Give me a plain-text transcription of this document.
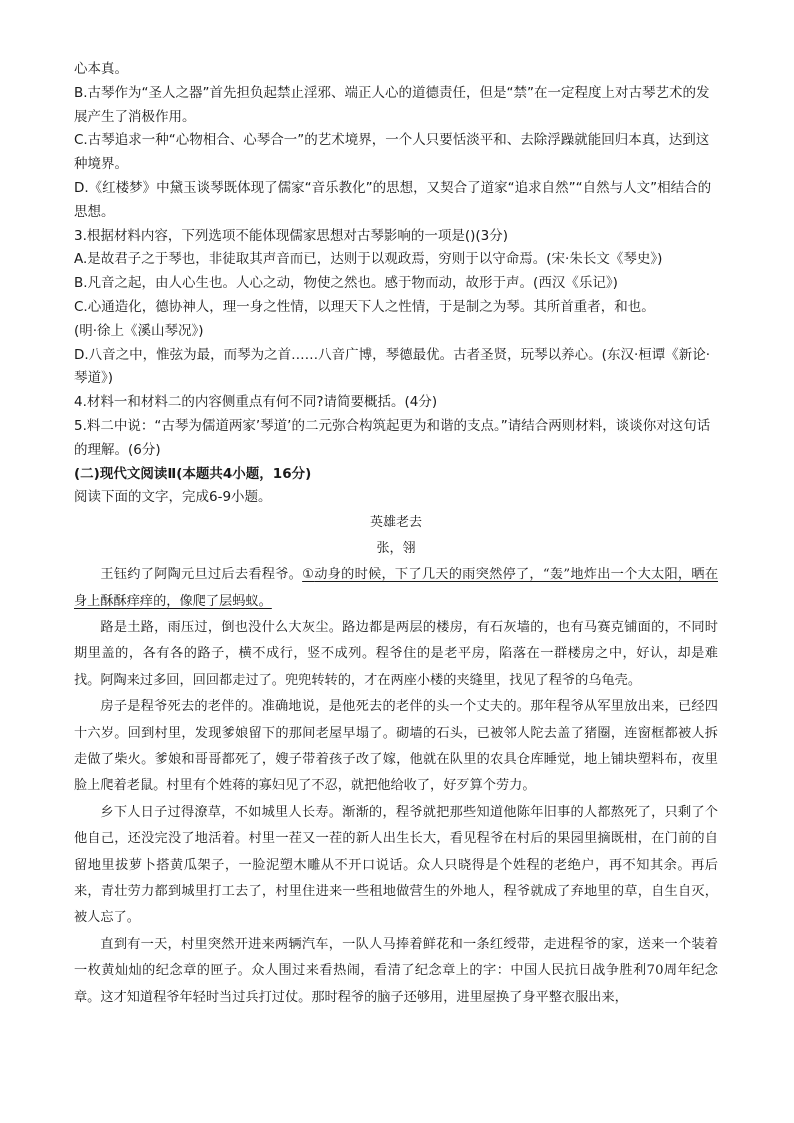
心本真。

B.古琴作为“圣人之器”首先担负起禁止淫邪、端正人心的道德责任，但是“禁”在一定程度上对古琴艺术的发展产生了消极作用。

C.古琴追求一种“心物相合、心琴合一”的艺术境界，一个人只要恬淡平和、去除浮躁就能回归本真，达到这种境界。

D.《红楼梦》中黛玉谈琴既体现了儒家“音乐教化”的思想，又契合了道家“追求自然”“自然与人文”相结合的思想。

3.根据材料内容，下列选项不能体现儒家思想对古琴影响的一项是()(3分)

A.是故君子之于琴也，非徒取其声音而已，达则于以观政焉，穷则于以守命焉。(宋·朱长文《琴史》)

B.凡音之起，由人心生也。人心之动，物使之然也。感于物而动，故形于声。(西汉《乐记》)

C.心通造化，德协神人，理一身之性情，以理天下人之性情，于是制之为琴。其所首重者，和也。

(明·徐上《溪山琴况》)

D.八音之中，惟弦为最，而琴为之首……八音广博，琴德最优。古者圣贤，玩琴以养心。(东汉·桓谭《新论·琴道》)

4.材料一和材料二的内容侧重点有何不同?请简要概括。(4分)

5.料二中说：“古琴为儒道两家’琴道’的二元弥合构筑起更为和谐的支点。”请结合两则材料，谈谈你对这句话的理解。(6分)

(二)现代文阅读Ⅱ(本题共4小题，16分)

阅读下面的文字，完成6-9小题。

英雄老去

张，翎

王钰约了阿陶元旦过后去看程爷。①动身的时候，下了几天的雨突然停了，“轰”地炸出一个大太阳，晒在身上酥酥痒痒的，像爬了层蚂蚁。

路是土路，雨压过，倒也没什么大灰尘。路边都是两层的楼房，有石灰墙的，也有马赛克铺面的，不同时期里盖的，各有各的路子，横不成行，竖不成列。程爷住的是老平房，陷落在一群楼房之中，好认，却是难找。阿陶来过多回，回回都走过了。兜兜转转的，才在两座小楼的夹缝里，找见了程爷的乌龟壳。

房子是程爷死去的老伴的。准确地说，是他死去的老伴的头一个丈夫的。那年程爷从军里放出来，已经四十六岁。回到村里，发现爹娘留下的那间老屋早塌了。砌墙的石头，已被邻人陀去盖了猪圈，连窗框都被人拆走做了柴火。爹娘和哥哥都死了，嫂子带着孩子改了嫁，他就在队里的农具仓库睡觉，地上铺块塑料布，夜里脸上爬着老鼠。村里有个姓蒋的寡妇见了不忍，就把他给收了，好歹算个劳力。

乡下人日子过得潦草，不如城里人长寿。渐渐的，程爷就把那些知道他陈年旧事的人都熬死了，只剩了个他自己，还没完没了地活着。村里一茬又一茬的新人出生长大，看见程爷在村后的果园里摘既柑，在门前的自留地里拔萝卜搭黄瓜架子，一脸泥塑木雕从不开口说话。众人只晓得是个姓程的老绝户，再不知其余。再后来，青壮劳力都到城里打工去了，村里住进来一些租地做营生的外地人，程爷就成了弃地里的草，自生自灭，被人忘了。

直到有一天，村里突然开进来两辆汽车，一队人马捧着鲜花和一条红绶带，走进程爷的家，送来一个装着一枚黄灿灿的纪念章的匣子。众人围过来看热闹，看清了纪念章上的字：中国人民抗日战争胜利70周年纪念章。这才知道程爷年轻时当过兵打过仗。那时程爷的脑子还够用，进里屋换了身平整衣服出来，
